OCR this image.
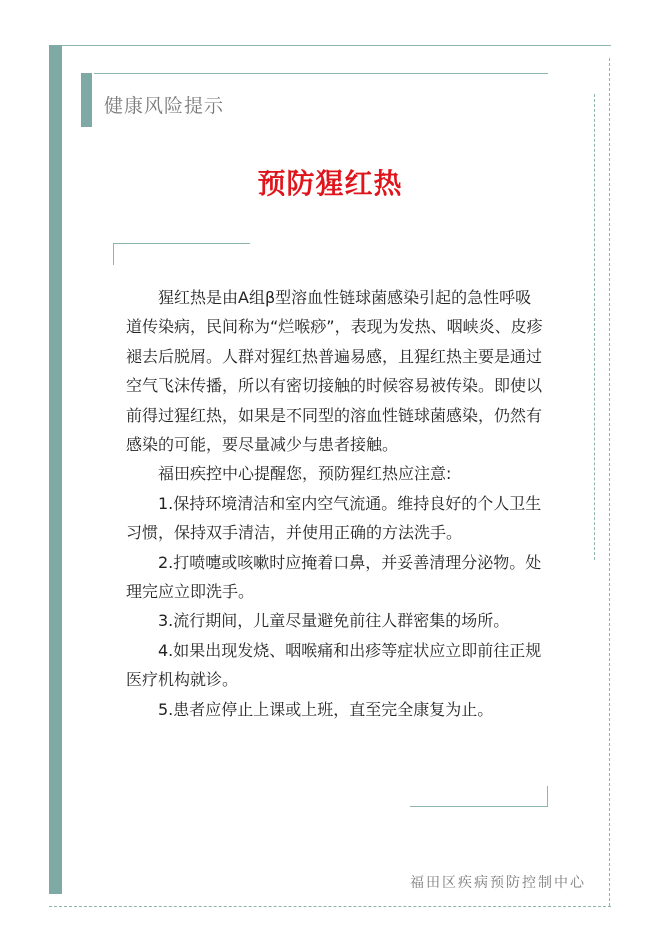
健康风险提示
预防猩红热

猩红热是由A组β型溶血性链球菌感染引起的急性呼吸道传染病，民间称为“烂喉痧”，表现为发热、咽峡炎、皮疹褪去后脱屑。人群对猩红热普遍易感，且猩红热主要是通过空气飞沫传播，所以有密切接触的时候容易被传染。即使以前得过猩红热，如果是不同型的溶血性链球菌感染，仍然有感染的可能，要尽量减少与患者接触。

福田疾控中心提醒您，预防猩红热应注意:

1.保持环境清洁和室内空气流通。维持良好的个人卫生习惯，保持双手清洁，并使用正确的方法洗手。

2.打喷嚏或咳嗽时应掩着口鼻，并妥善清理分泌物。处理完应立即洗手。

3.流行期间，儿童尽量避免前往人群密集的场所。

4.如果出现发烧、咽喉痛和出疹等症状应立即前往正规医疗机构就诊。

5.患者应停止上课或上班，直至完全康复为止。

福田区疾病预防控制中心
